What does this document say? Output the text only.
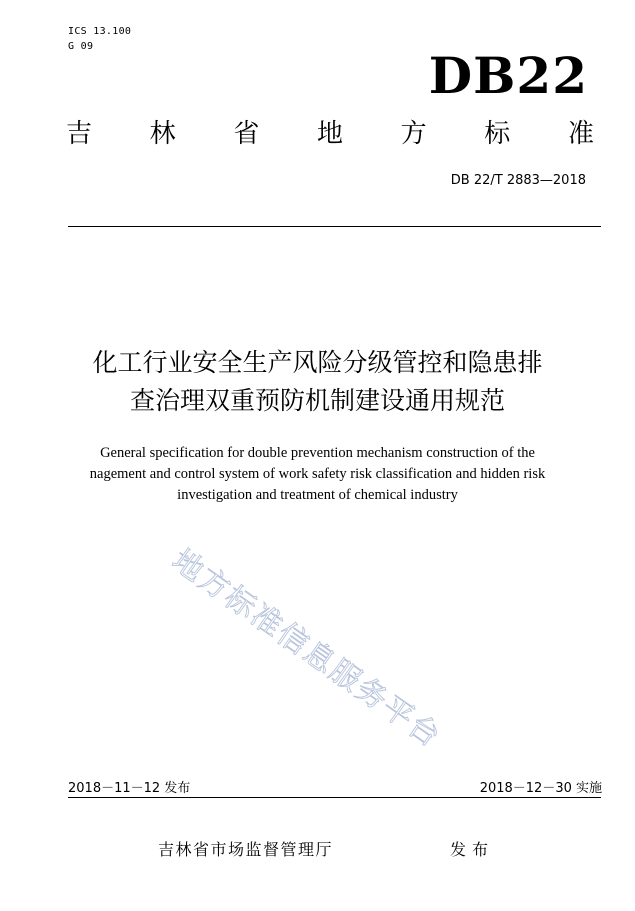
ICS 13.100
G 09	DB22
吉 林 省 地 方 标 准
DB 22/T 2883—2018
化工行业安全生产风险分级管控和隐患排
查治理双重预防机制建设通用规范
General specification for double prevention mechanism construction of the
nagement and control system of work safety risk classification and hidden risk
investigation and treatment of chemical industry
地方标准信息服务平台
2018－11－12 发布	2018－12－30 实施
吉林省市场监督管理厅	发布
